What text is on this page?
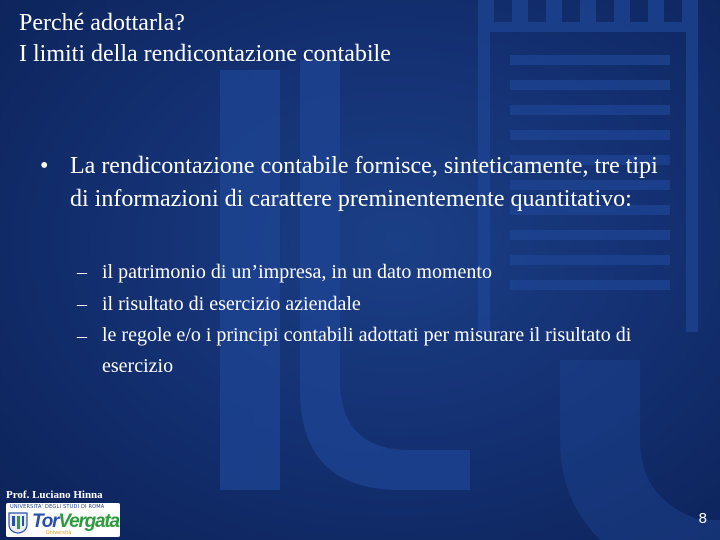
Perché adottarla?
I limiti della rendicontazione contabile
• La rendicontazione contabile fornisce, sinteticamente, tre tipi di informazioni di carattere preminentemente quantitativo:
– il patrimonio di un’impresa, in un dato momento
– il risultato di esercizio aziendale
– le regole e/o i principi contabili adottati per misurare il risultato di esercizio
Prof. Luciano Hinna
UNIVERSITA' DEGLI STUDI DI ROMA
TorVergata
Università
8
